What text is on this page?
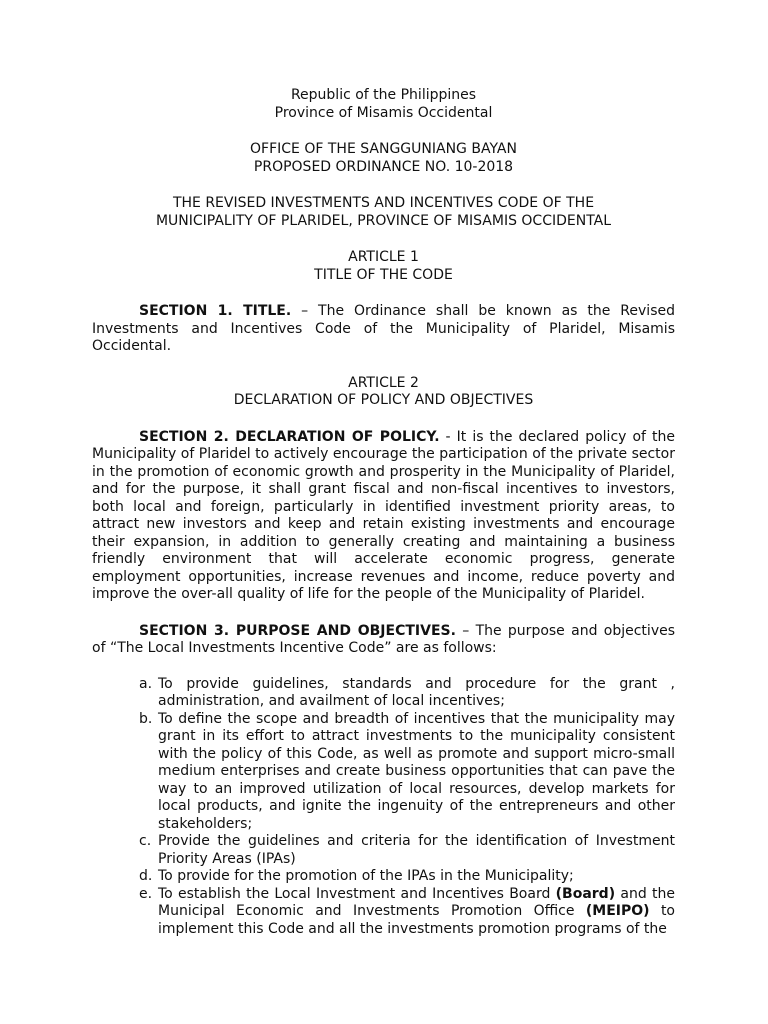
Republic of the Philippines

Province of Misamis Occidental

OFFICE OF THE SANGGUNIANG BAYAN

PROPOSED ORDINANCE NO. 10-2018

THE REVISED INVESTMENTS AND INCENTIVES CODE OF THE

MUNICIPALITY OF PLARIDEL, PROVINCE OF MISAMIS OCCIDENTAL

ARTICLE 1

TITLE OF THE CODE

SECTION 1. TITLE. – The Ordinance shall be known as the Revised Investments and Incentives Code of the Municipality of Plaridel, Misamis Occidental.

ARTICLE 2

DECLARATION OF POLICY AND OBJECTIVES

SECTION 2. DECLARATION OF POLICY. - It is the declared policy of the Municipality of Plaridel to actively encourage the participation of the private sector in the promotion of economic growth and prosperity in the Municipality of Plaridel, and for the purpose, it shall grant fiscal and non-fiscal incentives to investors, both local and foreign, particularly in identified investment priority areas, to attract new investors and keep and retain existing investments and encourage their expansion, in addition to generally creating and maintaining a business friendly environment that will accelerate economic progress, generate employment opportunities, increase revenues and income, reduce poverty and improve the over-all quality of life for the people of the Municipality of Plaridel.

SECTION 3. PURPOSE AND OBJECTIVES. – The purpose and objectives of “The Local Investments Incentive Code” are as follows:

a. To provide guidelines, standards and procedure for the grant , administration, and availment of local incentives;
b. To define the scope and breadth of incentives that the municipality may grant in its effort to attract investments to the municipality consistent with the policy of this Code, as well as promote and support micro-small medium enterprises and create business opportunities that can pave the way to an improved utilization of local resources, develop markets for local products, and ignite the ingenuity of the entrepreneurs and other stakeholders;
c. Provide the guidelines and criteria for the identification of Investment Priority Areas (IPAs)
d. To provide for the promotion of the IPAs in the Municipality;
e. To establish the Local Investment and Incentives Board (Board) and the Municipal Economic and Investments Promotion Office (MEIPO) to implement this Code and all the investments promotion programs of the
